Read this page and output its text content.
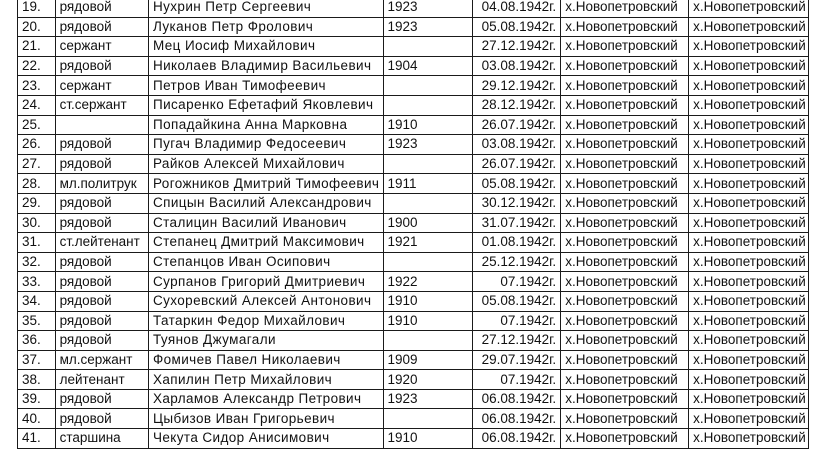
19.	рядовой	Нухрин Петр Сергеевич	1923	04.08.1942г.	х.Новопетровский	х.Новопетровский
20.	рядовой	Луканов Петр Фролович	1923	05.08.1942г.	х.Новопетровский	х.Новопетровский
21.	сержант	Мец Иосиф Михайлович		27.12.1942г.	х.Новопетровский	х.Новопетровский
22.	рядовой	Николаев Владимир Васильевич	1904	03.08.1942г.	х.Новопетровский	х.Новопетровский
23.	сержант	Петров Иван Тимофеевич		29.12.1942г.	х.Новопетровский	х.Новопетровский
24.	ст.сержант	Писаренко Ефетафий Яковлевич		28.12.1942г.	х.Новопетровский	х.Новопетровский
25.		Попадайкина Анна Марковна	1910	26.07.1942г.	х.Новопетровский	х.Новопетровский
26.	рядовой	Пугач Владимир Федосеевич	1923	03.08.1942г.	х.Новопетровский	х.Новопетровский
27.	рядовой	Райков Алексей Михайлович		26.07.1942г.	х.Новопетровский	х.Новопетровский
28.	мл.политрук	Рогожников Дмитрий Тимофеевич	1911	05.08.1942г.	х.Новопетровский	х.Новопетровский
29.	рядовой	Спицын Василий Александрович		30.12.1942г.	х.Новопетровский	х.Новопетровский
30.	рядовой	Сталицин Василий Иванович	1900	31.07.1942г.	х.Новопетровский	х.Новопетровский
31.	ст.лейтенант	Степанец Дмитрий Максимович	1921	01.08.1942г.	х.Новопетровский	х.Новопетровский
32.	рядовой	Степанцов Иван Осипович		25.12.1942г.	х.Новопетровский	х.Новопетровский
33.	рядовой	Сурпанов Григорий Дмитриевич	1922	07.1942г.	х.Новопетровский	х.Новопетровский
34.	рядовой	Сухоревский Алексей Антонович	1910	05.08.1942г.	х.Новопетровский	х.Новопетровский
35.	рядовой	Татаркин Федор Михайлович	1910	07.1942г.	х.Новопетровский	х.Новопетровский
36.	рядовой	Туянов Джумагали		27.12.1942г.	х.Новопетровский	х.Новопетровский
37.	мл.сержант	Фомичев Павел Николаевич	1909	29.07.1942г.	х.Новопетровский	х.Новопетровский
38.	лейтенант	Хапилин Петр Михайлович	1920	07.1942г.	х.Новопетровский	х.Новопетровский
39.	рядовой	Харламов Александр Петрович	1923	06.08.1942г.	х.Новопетровский	х.Новопетровский
40.	рядовой	Цыбизов Иван Григорьевич		06.08.1942г.	х.Новопетровский	х.Новопетровский
41.	старшина	Чекута Сидор Анисимович	1910	06.08.1942г.	х.Новопетровский	х.Новопетровский
